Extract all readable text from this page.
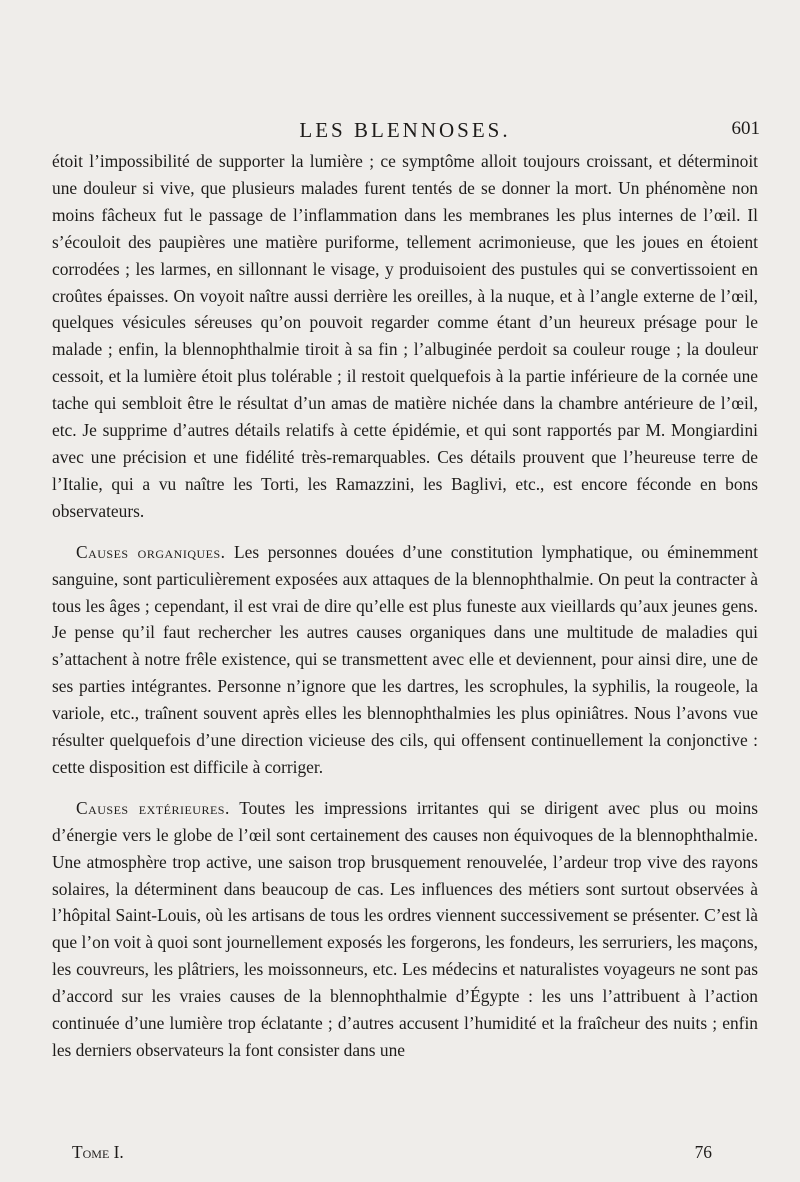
LES BLENNOSES.	601

étoit l’impossibilité de supporter la lumière ; ce symptôme alloit toujours croissant, et déterminoit une douleur si vive, que plusieurs malades furent tentés de se donner la mort. Un phénomène non moins fâcheux fut le passage de l’inflammation dans les membranes les plus internes de l’œil. Il s’écouloit des paupières une matière puriforme, tellement acrimonieuse, que les joues en étoient corrodées ; les larmes, en sillonnant le visage, y produisoient des pustules qui se convertissoient en croûtes épaisses. On voyoit naître aussi derrière les oreilles, à la nuque, et à l’angle externe de l’œil, quelques vésicules séreuses qu’on pouvoit regarder comme étant d’un heureux présage pour le malade ; enfin, la blennophthalmie tiroit à sa fin ; l’albuginée perdoit sa couleur rouge ; la douleur cessoit, et la lumière étoit plus tolérable ; il restoit quelquefois à la partie inférieure de la cornée une tache qui sembloit être le résultat d’un amas de matière nichée dans la chambre antérieure de l’œil, etc. Je supprime d’autres détails relatifs à cette épidémie, et qui sont rapportés par M. Mongiardini avec une précision et une fidélité très-remarquables. Ces détails prouvent que l’heureuse terre de l’Italie, qui a vu naître les Torti, les Ramazzini, les Baglivi, etc., est encore féconde en bons observateurs.

Causes organiques. Les personnes douées d’une constitution lymphatique, ou éminemment sanguine, sont particulièrement exposées aux attaques de la blennophthalmie. On peut la contracter à tous les âges ; cependant, il est vrai de dire qu’elle est plus funeste aux vieillards qu’aux jeunes gens. Je pense qu’il faut rechercher les autres causes organiques dans une multitude de maladies qui s’attachent à notre frêle existence, qui se transmettent avec elle et deviennent, pour ainsi dire, une de ses parties intégrantes. Personne n’ignore que les dartres, les scrophules, la syphilis, la rougeole, la variole, etc., traînent souvent après elles les blennophthalmies les plus opiniâtres. Nous l’avons vue résulter quelquefois d’une direction vicieuse des cils, qui offensent continuellement la conjonctive : cette disposition est difficile à corriger.

Causes extérieures. Toutes les impressions irritantes qui se dirigent avec plus ou moins d’énergie vers le globe de l’œil sont certainement des causes non équivoques de la blennophthalmie. Une atmosphère trop active, une saison trop brusquement renouvelée, l’ardeur trop vive des rayons solaires, la déterminent dans beaucoup de cas. Les influences des métiers sont surtout observées à l’hôpital Saint-Louis, où les artisans de tous les ordres viennent successivement se présenter. C’est là que l’on voit à quoi sont journellement exposés les forgerons, les fondeurs, les serruriers, les maçons, les couvreurs, les plâtriers, les moissonneurs, etc. Les médecins et naturalistes voyageurs ne sont pas d’accord sur les vraies causes de la blennophthalmie d’Égypte : les uns l’attribuent à l’action continuée d’une lumière trop éclatante ; d’autres accusent l’humidité et la fraîcheur des nuits ; enfin les derniers observateurs la font consister dans une

Tome I.	76
